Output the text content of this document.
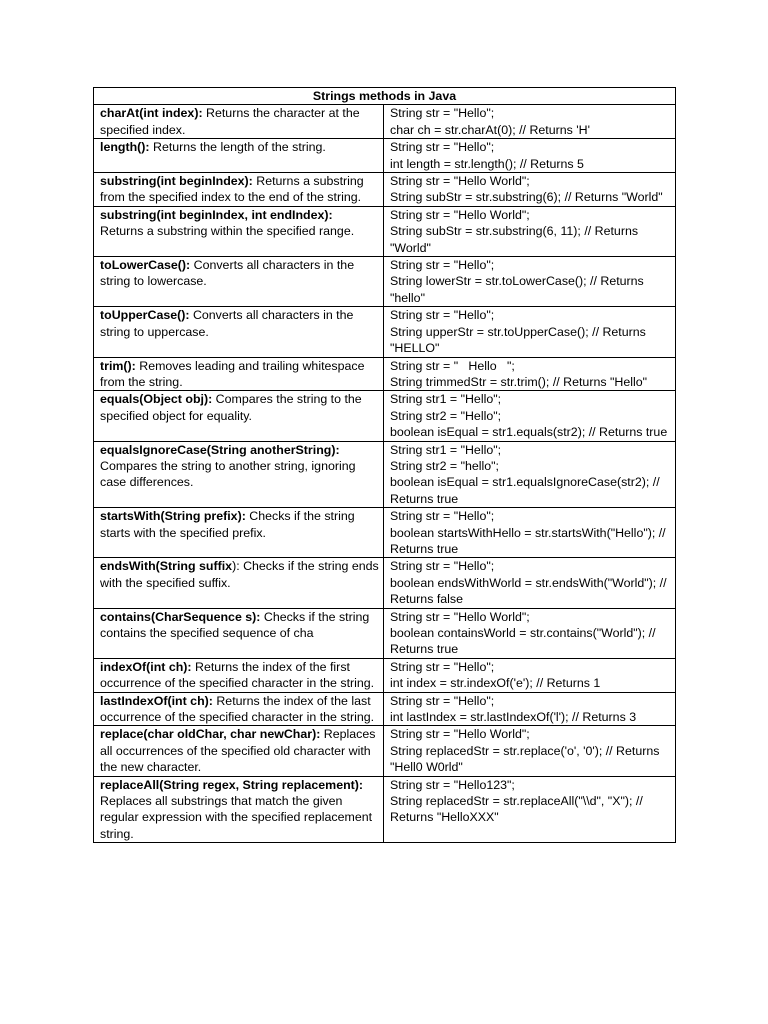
Strings methods in Java	
charAt(int index): Returns the character at the specified index.	String str = "Hello";
char ch = str.charAt(0); // Returns 'H'

length(): Returns the length of the string.	String str = "Hello";
int length = str.length(); // Returns 5

substring(int beginIndex): Returns a substring from the specified index to the end of the string.	String str = "Hello World";
String subStr = str.substring(6); // Returns "World"

substring(int beginIndex, int endIndex): Returns a substring within the specified range.	String str = "Hello World";
String subStr = str.substring(6, 11); // Returns "World"

toLowerCase(): Converts all characters in the string to lowercase.	String str = "Hello";
String lowerStr = str.toLowerCase(); // Returns "hello"

toUpperCase(): Converts all characters in the string to uppercase.	String str = "Hello";
String upperStr = str.toUpperCase(); // Returns "HELLO"

trim(): Removes leading and trailing whitespace from the string.	String str = "   Hello   ";
String trimmedStr = str.trim(); // Returns "Hello"

equals(Object obj): Compares the string to the specified object for equality.	String str1 = "Hello";
String str2 = "Hello";
boolean isEqual = str1.equals(str2); // Returns true

equalsIgnoreCase(String anotherString): Compares the string to another string, ignoring case differences.	String str1 = "Hello";
String str2 = "hello";
boolean isEqual = str1.equalsIgnoreCase(str2); // Returns true

startsWith(String prefix): Checks if the string starts with the specified prefix.	String str = "Hello";
boolean startsWithHello = str.startsWith("Hello"); // Returns true

endsWith(String suffix): Checks if the string ends with the specified suffix.	String str = "Hello";
boolean endsWithWorld = str.endsWith("World"); // Returns false

contains(CharSequence s): Checks if the string contains the specified sequence of cha	String str = "Hello World";
boolean containsWorld = str.contains("World"); // Returns true

indexOf(int ch): Returns the index of the first occurrence of the specified character in the string.	String str = "Hello";
int index = str.indexOf('e'); // Returns 1

lastIndexOf(int ch): Returns the index of the last occurrence of the specified character in the string.	String str = "Hello";
int lastIndex = str.lastIndexOf('l'); // Returns 3

replace(char oldChar, char newChar): Replaces all occurrences of the specified old character with the new character.	String str = "Hello World";
String replacedStr = str.replace('o', '0'); // Returns "Hell0 W0rld"

replaceAll(String regex, String replacement): Replaces all substrings that match the given regular expression with the specified replacement string.	String str = "Hello123";
String replacedStr = str.replaceAll("\\d", "X"); // Returns "HelloXXX"
